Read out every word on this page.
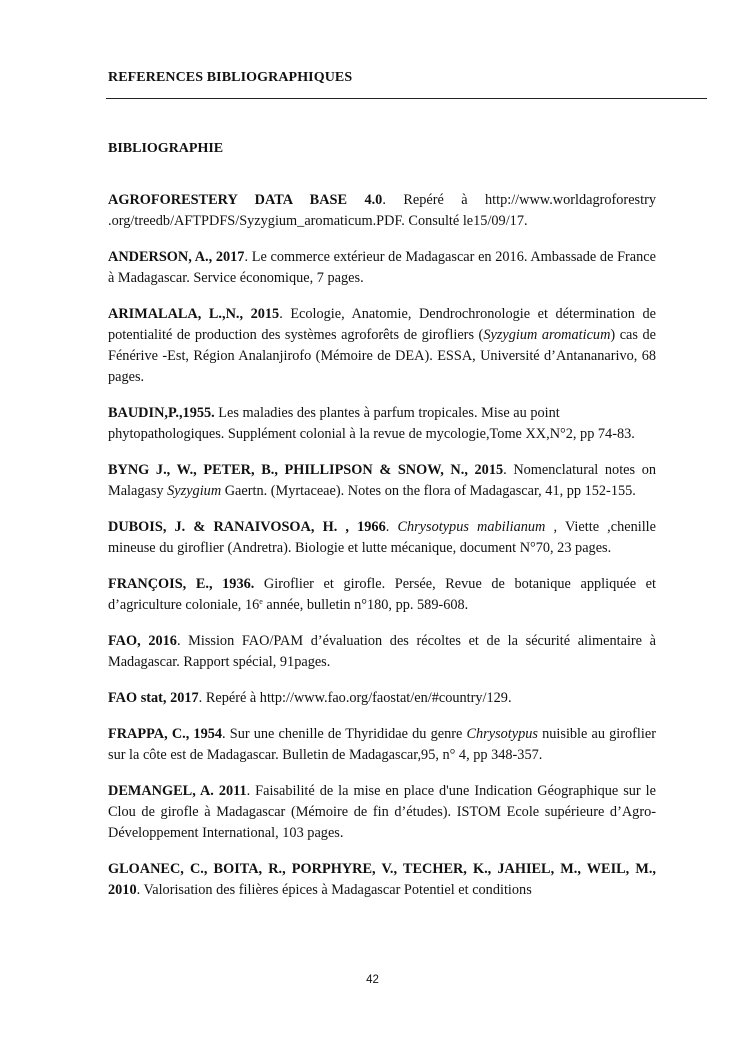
REFERENCES BIBLIOGRAPHIQUES
BIBLIOGRAPHIE

AGROFORESTERY DATA BASE 4.0. Repéré à http://www.worldagroforestry .org/treedb/AFTPDFS/Syzygium_aromaticum.PDF. Consulté le15/09/17.

ANDERSON, A., 2017. Le commerce extérieur de Madagascar en 2016. Ambassade de France à Madagascar. Service économique, 7 pages.

ARIMALALA, L.,N., 2015. Ecologie, Anatomie, Dendrochronologie et détermination de potentialité de production des systèmes agroforêts de girofliers (Syzygium aromaticum) cas de Fénérive -Est, Région Analanjirofo (Mémoire de DEA). ESSA, Université d’Antananarivo, 68 pages.

BAUDIN,P.,1955. Les maladies des plantes à parfum tropicales. Mise au point phytopathologiques. Supplément colonial à la revue de mycologie,Tome XX,N°2, pp 74-83.

BYNG J., W., PETER, B., PHILLIPSON & SNOW, N., 2015. Nomenclatural notes on Malagasy Syzygium Gaertn. (Myrtaceae). Notes on the flora of Madagascar, 41, pp 152-155.

DUBOIS, J. & RANAIVOSOA, H. , 1966. Chrysotypus mabilianum , Viette ,chenille mineuse du giroflier (Andretra). Biologie et lutte mécanique, document N°70, 23 pages.

FRANÇOIS, E., 1936. Giroflier et girofle. Persée, Revue de botanique appliquée et d’agriculture coloniale, 16e année, bulletin n°180, pp. 589-608.

FAO, 2016. Mission FAO/PAM d’évaluation des récoltes et de la sécurité alimentaire à Madagascar. Rapport spécial, 91pages.

FAO stat, 2017. Repéré à http://www.fao.org/faostat/en/#country/129.

FRAPPA, C., 1954. Sur une chenille de Thyrididae du genre Chrysotypus nuisible au giroflier sur la côte est de Madagascar. Bulletin de Madagascar,95, n° 4, pp 348-357.

DEMANGEL, A. 2011. Faisabilité de la mise en place d'une Indication Géographique sur le Clou de girofle à Madagascar (Mémoire de fin d’études). ISTOM Ecole supérieure d’Agro-Développement International, 103 pages.

GLOANEC, C., BOITA, R., PORPHYRE, V., TECHER, K., JAHIEL, M., WEIL, M., 2010. Valorisation des filières épices à Madagascar Potentiel et conditions

42
